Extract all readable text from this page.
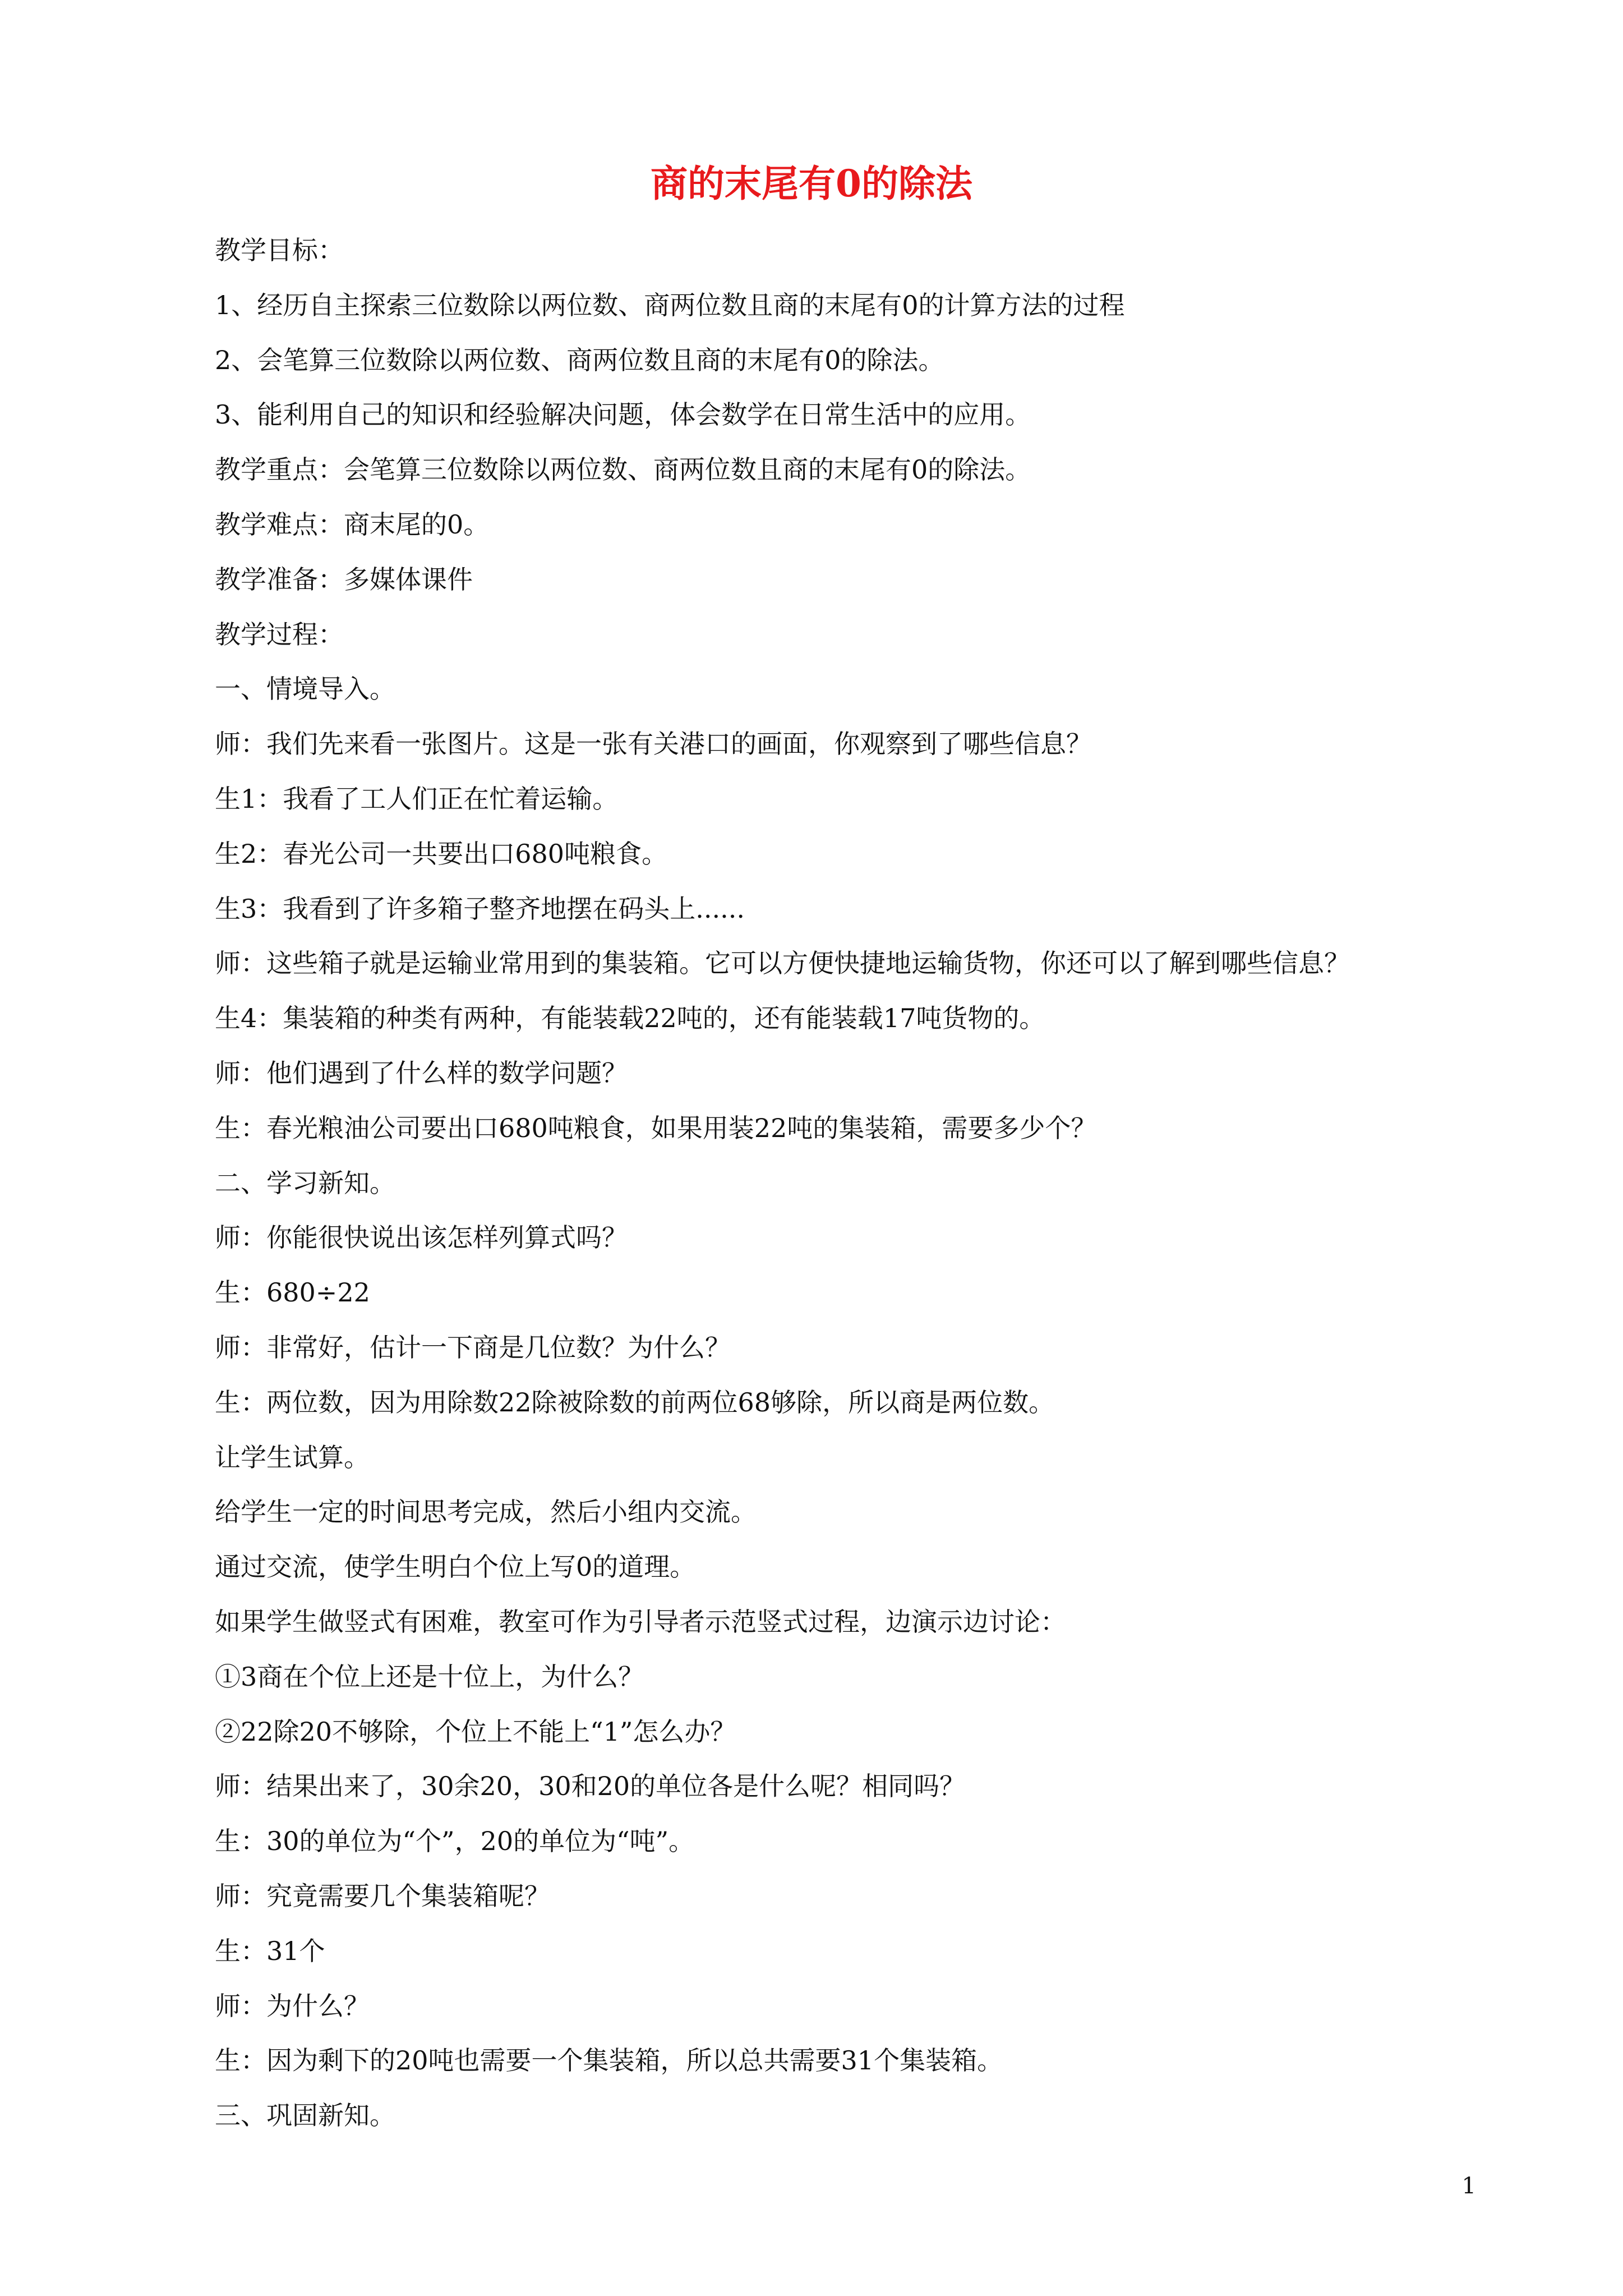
商的末尾有0的除法
教学目标：
1、经历自主探索三位数除以两位数、商两位数且商的末尾有0的计算方法的过程
2、会笔算三位数除以两位数、商两位数且商的末尾有0的除法。
3、能利用自己的知识和经验解决问题，体会数学在日常生活中的应用。
教学重点：会笔算三位数除以两位数、商两位数且商的末尾有0的除法。
教学难点：商末尾的0。
教学准备：多媒体课件
教学过程：
一、情境导入。
师：我们先来看一张图片。这是一张有关港口的画面，你观察到了哪些信息？
生1：我看了工人们正在忙着运输。
生2：春光公司一共要出口680吨粮食。
生3：我看到了许多箱子整齐地摆在码头上......
师：这些箱子就是运输业常用到的集装箱。它可以方便快捷地运输货物，你还可以了解到哪些信息？
生4：集装箱的种类有两种，有能装载22吨的，还有能装载17吨货物的。
师：他们遇到了什么样的数学问题？
生：春光粮油公司要出口680吨粮食，如果用装22吨的集装箱，需要多少个？
二、学习新知。
师：你能很快说出该怎样列算式吗？
生：680÷22
师：非常好，估计一下商是几位数？为什么？
生：两位数，因为用除数22除被除数的前两位68够除，所以商是两位数。
让学生试算。
给学生一定的时间思考完成，然后小组内交流。
通过交流，使学生明白个位上写0的道理。
如果学生做竖式有困难，教室可作为引导者示范竖式过程，边演示边讨论：
①3商在个位上还是十位上，为什么？
②22除20不够除，个位上不能上“1”怎么办？
师：结果出来了，30余20，30和20的单位各是什么呢？相同吗？
生：30的单位为“个”，20的单位为“吨”。
师：究竟需要几个集装箱呢？
生：31个
师：为什么？
生：因为剩下的20吨也需要一个集装箱，所以总共需要31个集装箱。
三、巩固新知。
1
